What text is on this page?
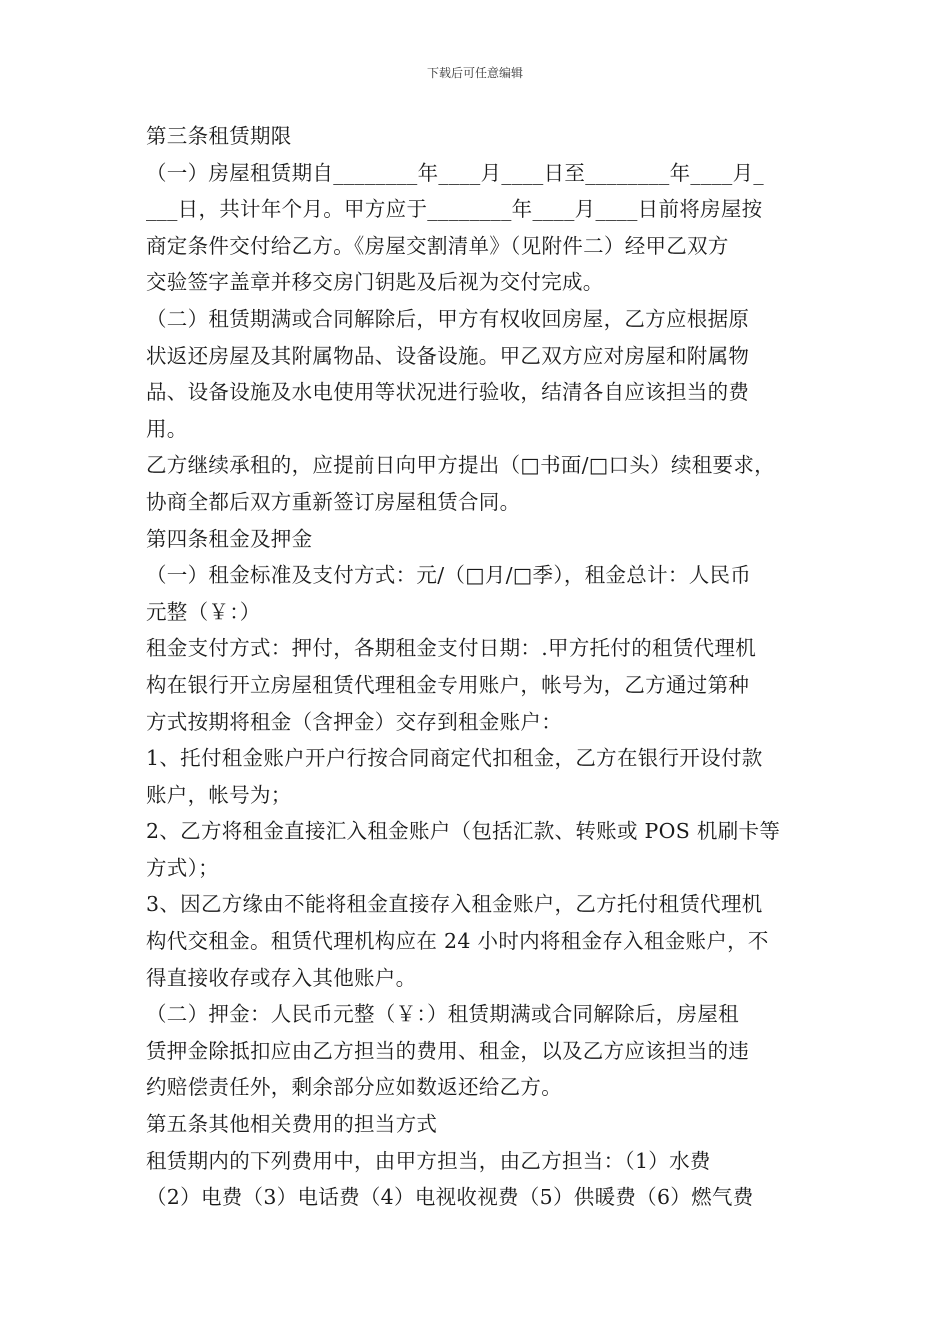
下载后可任意编辑
第三条租赁期限
（一）房屋租赁期自________年____月____日至________年____月_
___日，共计年个月。甲方应于________年____月____日前将房屋按
商定条件交付给乙方。《房屋交割清单》（见附件二）经甲乙双方
交验签字盖章并移交房门钥匙及后视为交付完成。
（二）租赁期满或合同解除后，甲方有权收回房屋，乙方应根据原
状返还房屋及其附属物品、设备设施。甲乙双方应对房屋和附属物
品、设备设施及水电使用等状况进行验收，结清各自应该担当的费
用。
乙方继续承租的，应提前日向甲方提出（□书面/□口头）续租要求，
协商全都后双方重新签订房屋租赁合同。
第四条租金及押金
（一）租金标准及支付方式：元/（□月/□季），租金总计：人民币
元整（￥：）
租金支付方式：押付，各期租金支付日期：.甲方托付的租赁代理机
构在银行开立房屋租赁代理租金专用账户，帐号为，乙方通过第种
方式按期将租金（含押金）交存到租金账户：
1、托付租金账户开户行按合同商定代扣租金，乙方在银行开设付款
账户，帐号为；
2、乙方将租金直接汇入租金账户（包括汇款、转账或 POS 机刷卡等
方式）；
3、因乙方缘由不能将租金直接存入租金账户，乙方托付租赁代理机
构代交租金。租赁代理机构应在 24 小时内将租金存入租金账户，不
得直接收存或存入其他账户。
（二）押金：人民币元整（￥：）租赁期满或合同解除后，房屋租
赁押金除抵扣应由乙方担当的费用、租金，以及乙方应该担当的违
约赔偿责任外，剩余部分应如数返还给乙方。
第五条其他相关费用的担当方式
租赁期内的下列费用中，由甲方担当，由乙方担当：（1）水费
（2）电费（3）电话费（4）电视收视费（5）供暖费（6）燃气费
